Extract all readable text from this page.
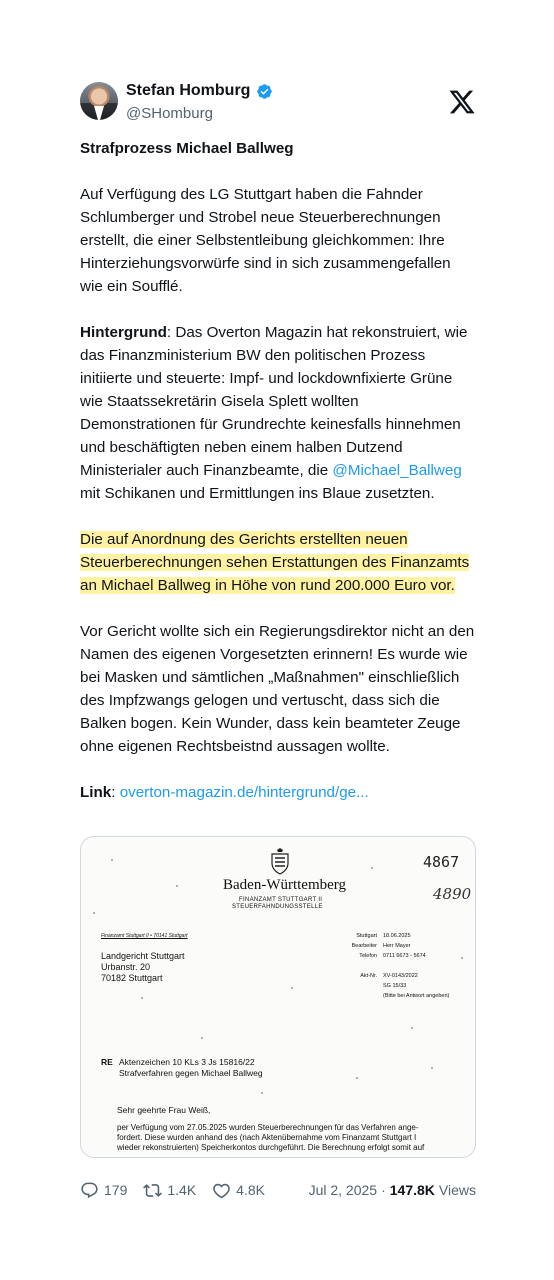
Stefan Homburg
@SHomburg
Strafprozess Michael Ballweg
Auf Verfügung des LG Stuttgart haben die Fahnder Schlumberger und Strobel neue Steuerberechnungen erstellt, die einer Selbstentleibung gleichkommen: Ihre Hinterziehungsvorwürfe sind in sich zusammengefallen wie ein Soufflé.
Hintergrund: Das Overton Magazin hat rekonstruiert, wie das Finanzministerium BW den politischen Prozess initiierte und steuerte: Impf- und lockdownfixierte Grüne wie Staatssekretärin Gisela Splett wollten Demonstrationen für Grundrechte keinesfalls hinnehmen und beschäftigten neben einem halben Dutzend Ministerialer auch Finanzbeamte, die @Michael_Ballweg mit Schikanen und Ermittlungen ins Blaue zusetzten.
Die auf Anordnung des Gerichts erstellten neuen Steuerberechnungen sehen Erstattungen des Finanzamts an Michael Ballweg in Höhe von rund 200.000 Euro vor.
Vor Gericht wollte sich ein Regierungsdirektor nicht an den Namen des eigenen Vorgesetzten erinnern! Es wurde wie bei Masken und sämtlichen „Maßnahmen" einschließlich des Impfzwangs gelogen und vertuscht, dass sich die Balken bogen. Kein Wunder, dass kein beamteter Zeuge ohne eigenen Rechtsbeistnd aussagen wollte.
Link: overton-magazin.de/hintergrund/ge...
Baden-Württemberg
FINANZAMT STUTTGART II
STEUERFAHNDUNGSSTELLE
4867
4890
Finanzamt Stuttgart II • 70141 Stuttgart
Landgericht Stuttgart
Urbanstr. 20
70182 Stuttgart
Stuttgart 18.06.2025
Bearbeiter Herr Mayer
Telefon 0711 6673 - 5674
Akt-Nr. XV-0143/2022
SG 15/33
(Bitte bei Antwort angeben)
RE Aktenzeichen 10 KLs 3 Js 15816/22
Strafverfahren gegen Michael Ballweg
Sehr geehrte Frau Weiß,
per Verfügung vom 27.05.2025 wurden Steuerberechnungen für das Verfahren ange-
fordert. Diese wurden anhand des (nach Aktenübernahme vom Finanzamt Stuttgart I
wieder rekonstruierten) Speicherkontos durchgeführt. Die Berechnung erfolgt somit auf
179	1.4K	4.8K	Jul 2, 2025 · 147.8K Views
